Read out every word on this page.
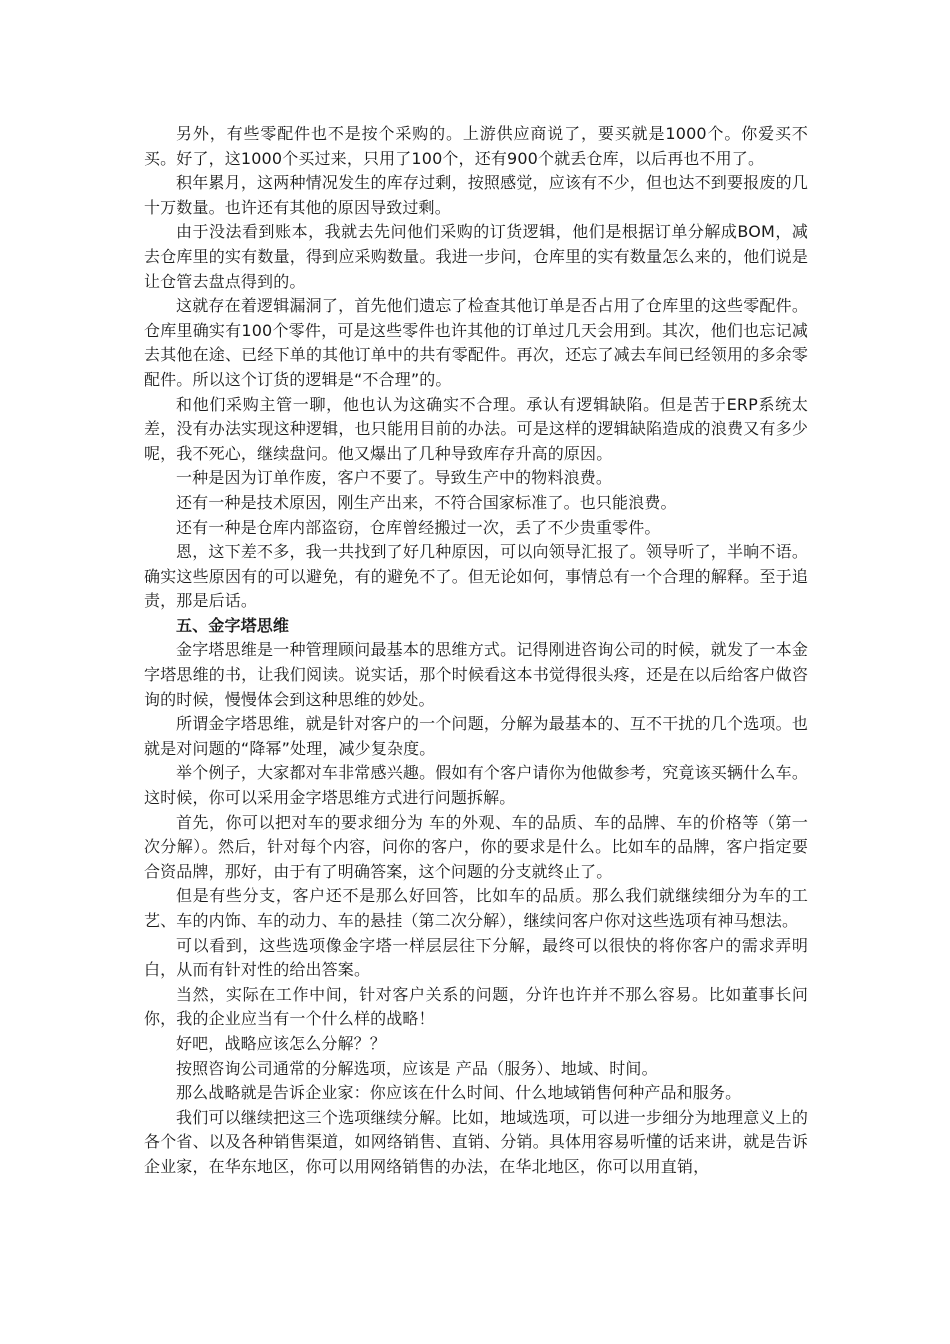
另外，有些零配件也不是按个采购的。上游供应商说了，要买就是1000个。你爱买不买。好了，这1000个买过来，只用了100个，还有900个就丢仓库，以后再也不用了。

积年累月，这两种情况发生的库存过剩，按照感觉，应该有不少，但也达不到要报废的几十万数量。也许还有其他的原因导致过剩。

由于没法看到账本，我就去先问他们采购的订货逻辑，他们是根据订单分解成BOM，减去仓库里的实有数量，得到应采购数量。我进一步问，仓库里的实有数量怎么来的，他们说是让仓管去盘点得到的。

这就存在着逻辑漏洞了，首先他们遗忘了检查其他订单是否占用了仓库里的这些零配件。仓库里确实有100个零件，可是这些零件也许其他的订单过几天会用到。其次，他们也忘记减去其他在途、已经下单的其他订单中的共有零配件。再次，还忘了减去车间已经领用的多余零配件。所以这个订货的逻辑是“不合理”的。

和他们采购主管一聊，他也认为这确实不合理。承认有逻辑缺陷。但是苦于ERP系统太差，没有办法实现这种逻辑，也只能用目前的办法。可是这样的逻辑缺陷造成的浪费又有多少呢，我不死心，继续盘问。他又爆出了几种导致库存升高的原因。

一种是因为订单作废，客户不要了。导致生产中的物料浪费。

还有一种是技术原因，刚生产出来，不符合国家标准了。也只能浪费。

还有一种是仓库内部盗窃，仓库曾经搬过一次，丢了不少贵重零件。

恩，这下差不多，我一共找到了好几种原因，可以向领导汇报了。领导听了，半晌不语。确实这些原因有的可以避免，有的避免不了。但无论如何，事情总有一个合理的解释。至于追责，那是后话。

五、金字塔思维

金字塔思维是一种管理顾问最基本的思维方式。记得刚进咨询公司的时候，就发了一本金字塔思维的书，让我们阅读。说实话，那个时候看这本书觉得很头疼，还是在以后给客户做咨询的时候，慢慢体会到这种思维的妙处。

所谓金字塔思维，就是针对客户的一个问题，分解为最基本的、互不干扰的几个选项。也就是对问题的“降幂”处理，减少复杂度。

举个例子，大家都对车非常感兴趣。假如有个客户请你为他做参考，究竟该买辆什么车。这时候，你可以采用金字塔思维方式进行问题拆解。

首先，你可以把对车的要求细分为 车的外观、车的品质、车的品牌、车的价格等（第一次分解）。然后，针对每个内容，问你的客户，你的要求是什么。比如车的品牌，客户指定要合资品牌，那好，由于有了明确答案，这个问题的分支就终止了。

但是有些分支，客户还不是那么好回答，比如车的品质。那么我们就继续细分为车的工艺、车的内饰、车的动力、车的悬挂（第二次分解），继续问客户你对这些选项有神马想法。

可以看到，这些选项像金字塔一样层层往下分解，最终可以很快的将你客户的需求弄明白，从而有针对性的给出答案。

当然，实际在工作中间，针对客户关系的问题，分许也许并不那么容易。比如董事长问你，我的企业应当有一个什么样的战略！

好吧，战略应该怎么分解？？

按照咨询公司通常的分解选项，应该是 产品（服务）、地域、时间。

那么战略就是告诉企业家：你应该在什么时间、什么地域销售何种产品和服务。

我们可以继续把这三个选项继续分解。比如，地域选项，可以进一步细分为地理意义上的各个省、以及各种销售渠道，如网络销售、直销、分销。具体用容易听懂的话来讲，就是告诉企业家，在华东地区，你可以用网络销售的办法，在华北地区，你可以用直销，
